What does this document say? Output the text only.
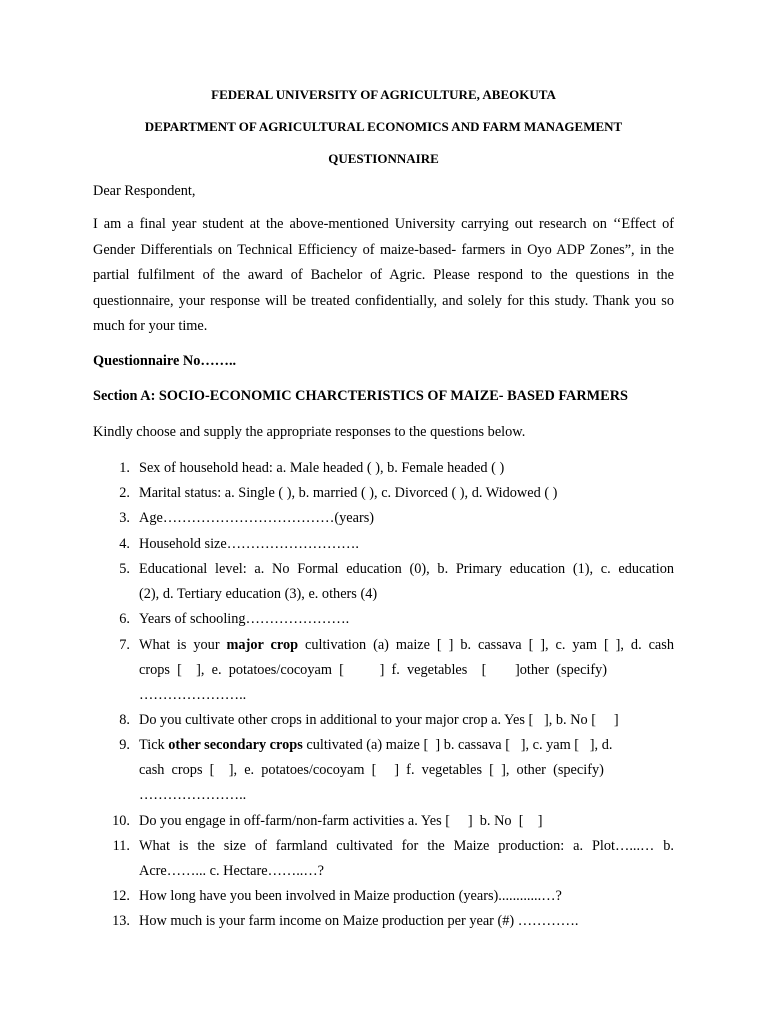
FEDERAL UNIVERSITY OF AGRICULTURE, ABEOKUTA
DEPARTMENT OF AGRICULTURAL ECONOMICS AND FARM MANAGEMENT
QUESTIONNAIRE
Dear Respondent,
I am a final year student at the above-mentioned University carrying out research on ‘‘Effect of Gender Differentials on Technical Efficiency of maize-based- farmers in Oyo ADP Zones”, in the partial fulfilment of the award of Bachelor of Agric. Please respond to the questions in the questionnaire, your response will be treated confidentially, and solely for this study. Thank you so much for your time.
Questionnaire No……..
Section A: SOCIO-ECONOMIC CHARCTERISTICS OF MAIZE- BASED FARMERS
Kindly choose and supply the appropriate responses to the questions below.
1. Sex of household head: a. Male headed ( ), b. Female headed ( )
2. Marital status: a. Single ( ), b. married ( ), c. Divorced ( ), d. Widowed ( )
3. Age………………………………(years)
4. Household size……………………….
5. Educational level: a. No Formal education (0), b. Primary education (1), c. education
(2), d. Tertiary education (3), e. others (4)
6. Years of schooling………………….
7. What is your major crop cultivation (a) maize [ ] b. cassava [ ], c. yam [ ], d. cash
crops  [    ],  e.  potatoes/cocoyam  [          ]  f.  vegetables    [        ]other  (specify)
…………………..
8. Do you cultivate other crops in additional to your major crop a. Yes [   ], b. No [     ]
9. Tick other secondary crops cultivated (a) maize [  ] b. cassava [   ], c. yam [   ], d.
cash  crops  [    ],  e.  potatoes/cocoyam  [     ]  f.  vegetables  [  ],  other  (specify)
…………………..
10. Do you engage in off-farm/non-farm activities a. Yes [     ]  b. No  [    ]
11. What is the size of farmland cultivated for the Maize production: a. Plot…...… b.
Acre……... c. Hectare……..…?
12. How long have you been involved in Maize production (years)............…?
13. How much is your farm income on Maize production per year (#) ………….
